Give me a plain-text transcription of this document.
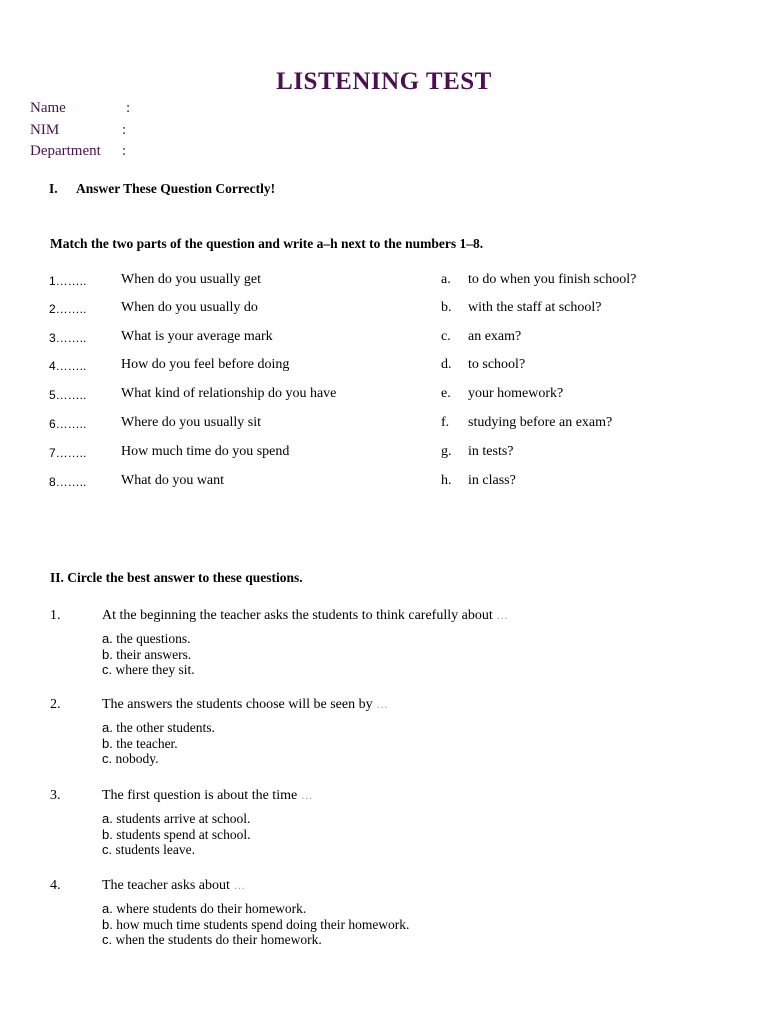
LISTENING TEST
Name	:
NIM	:
Department :
I. Answer These Question Correctly!
Match the two parts of the question and write a–h next to the numbers 1–8.
1…….. When do you usually get	a.	to do when you finish school?
2…….. When do you usually do	b. with the staff at school?
3…….. What is your average mark	c.	an exam?
4…….. How do you feel before doing	d. to school?
5…….. What kind of relationship do you have	e.	your homework?
6…….. Where do you usually sit	f.	studying before an exam?
7…….. How much time do you spend	g. in tests?
8…….. What do you want	h. in class?
II. Circle the best answer to these questions.
1.	At the beginning the teacher asks the students to think carefully about …
a. the questions.
b. their answers.
c. where they sit.
2.	The answers the students choose will be seen by …
a. the other students.
b. the teacher.
c. nobody.
3.	The first question is about the time …
a. students arrive at school.
b. students spend at school.
c. students leave.
4.	The teacher asks about …
a. where students do their homework.
b. how much time students spend doing their homework.
c. when the students do their homework.
